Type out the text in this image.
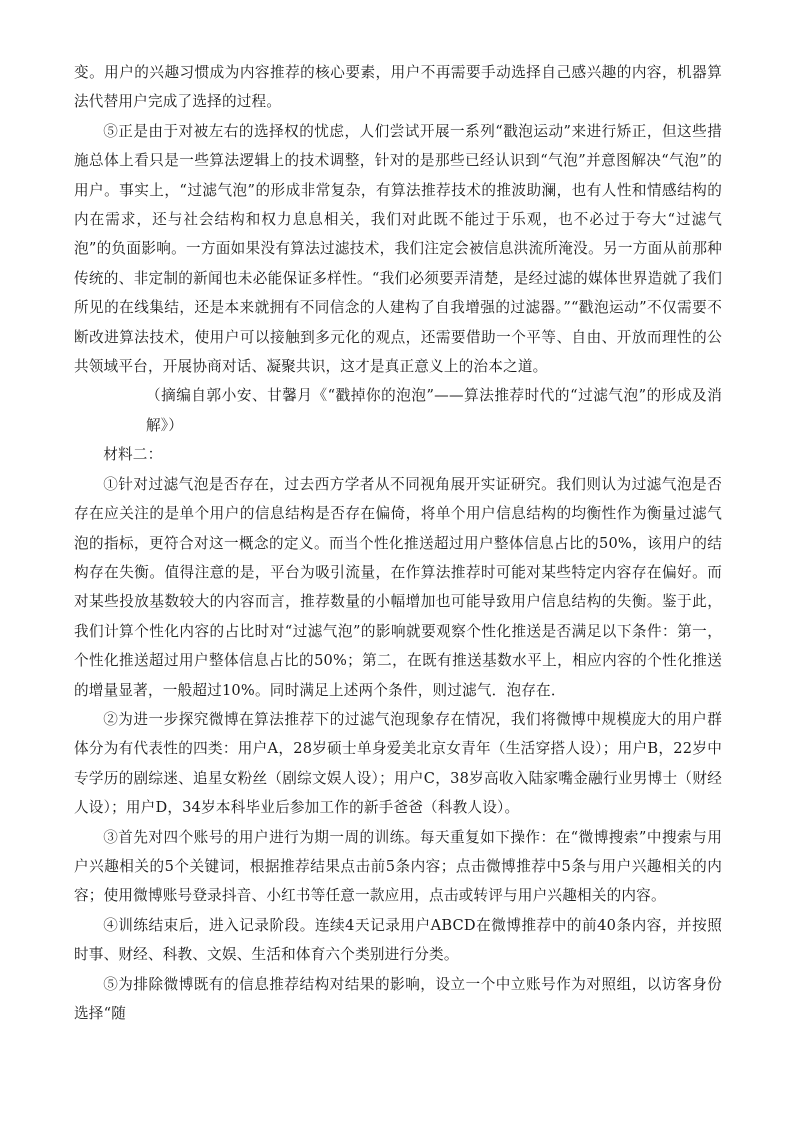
变。用户的兴趣习惯成为内容推荐的核心要素，用户不再需要手动选择自己感兴趣的内容，机器算法代替用户完成了选择的过程。

⑤正是由于对被左右的选择权的忧虑，人们尝试开展一系列“戳泡运动”来进行矫正，但这些措施总体上看只是一些算法逻辑上的技术调整，针对的是那些已经认识到“气泡”并意图解决“气泡”的用户。事实上，“过滤气泡”的形成非常复杂，有算法推荐技术的推波助澜，也有人性和情感结构的内在需求，还与社会结构和权力息息相关，我们对此既不能过于乐观，也不必过于夸大“过滤气泡”的负面影响。一方面如果没有算法过滤技术，我们注定会被信息洪流所淹没。另一方面从前那种传统的、非定制的新闻也未必能保证多样性。“我们必须要弄清楚，是经过滤的媒体世界造就了我们所见的在线集结，还是本来就拥有不同信念的人建构了自我增强的过滤器。”“戳泡运动”不仅需要不断改进算法技术，使用户可以接触到多元化的观点，还需要借助一个平等、自由、开放而理性的公共领域平台，开展协商对话、凝聚共识，这才是真正意义上的治本之道。

（摘编自郭小安、甘馨月《“戳掉你的泡泡”——算法推荐时代的“过滤气泡”的形成及消解》）

材料二：

①针对过滤气泡是否存在，过去西方学者从不同视角展开实证研究。我们则认为过滤气泡是否存在应关注的是单个用户的信息结构是否存在偏倚，将单个用户信息结构的均衡性作为衡量过滤气泡的指标，更符合对这一概念的定义。而当个性化推送超过用户整体信息占比的50%，该用户的结构存在失衡。值得注意的是，平台为吸引流量，在作算法推荐时可能对某些特定内容存在偏好。而对某些投放基数较大的内容而言，推荐数量的小幅增加也可能导致用户信息结构的失衡。鉴于此，我们计算个性化内容的占比时对“过滤气泡”的影响就要观察个性化推送是否满足以下条件：第一，个性化推送超过用户整体信息占比的50%；第二，在既有推送基数水平上，相应内容的个性化推送的增量显著，一般超过10%。同时满足上述两个条件，则过滤气．泡存在．

②为进一步探究微博在算法推荐下的过滤气泡现象存在情况，我们将微博中规模庞大的用户群体分为有代表性的四类：用户A，28岁硕士单身爱美北京女青年（生活穿搭人设）；用户B，22岁中专学历的剧综迷、追星女粉丝（剧综文娱人设）；用户C，38岁高收入陆家嘴金融行业男博士（财经人设）；用户D，34岁本科毕业后参加工作的新手爸爸（科教人设）。

③首先对四个账号的用户进行为期一周的训练。每天重复如下操作：在“微博搜索”中搜索与用户兴趣相关的5个关键词，根据推荐结果点击前5条内容；点击微博推荐中5条与用户兴趣相关的内容；使用微博账号登录抖音、小红书等任意一款应用，点击或转评与用户兴趣相关的内容。

④训练结束后，进入记录阶段。连续4天记录用户ABCD在微博推荐中的前40条内容，并按照时事、财经、科教、文娱、生活和体育六个类别进行分类。

⑤为排除微博既有的信息推荐结构对结果的影响，设立一个中立账号作为对照组，以访客身份选择“随
